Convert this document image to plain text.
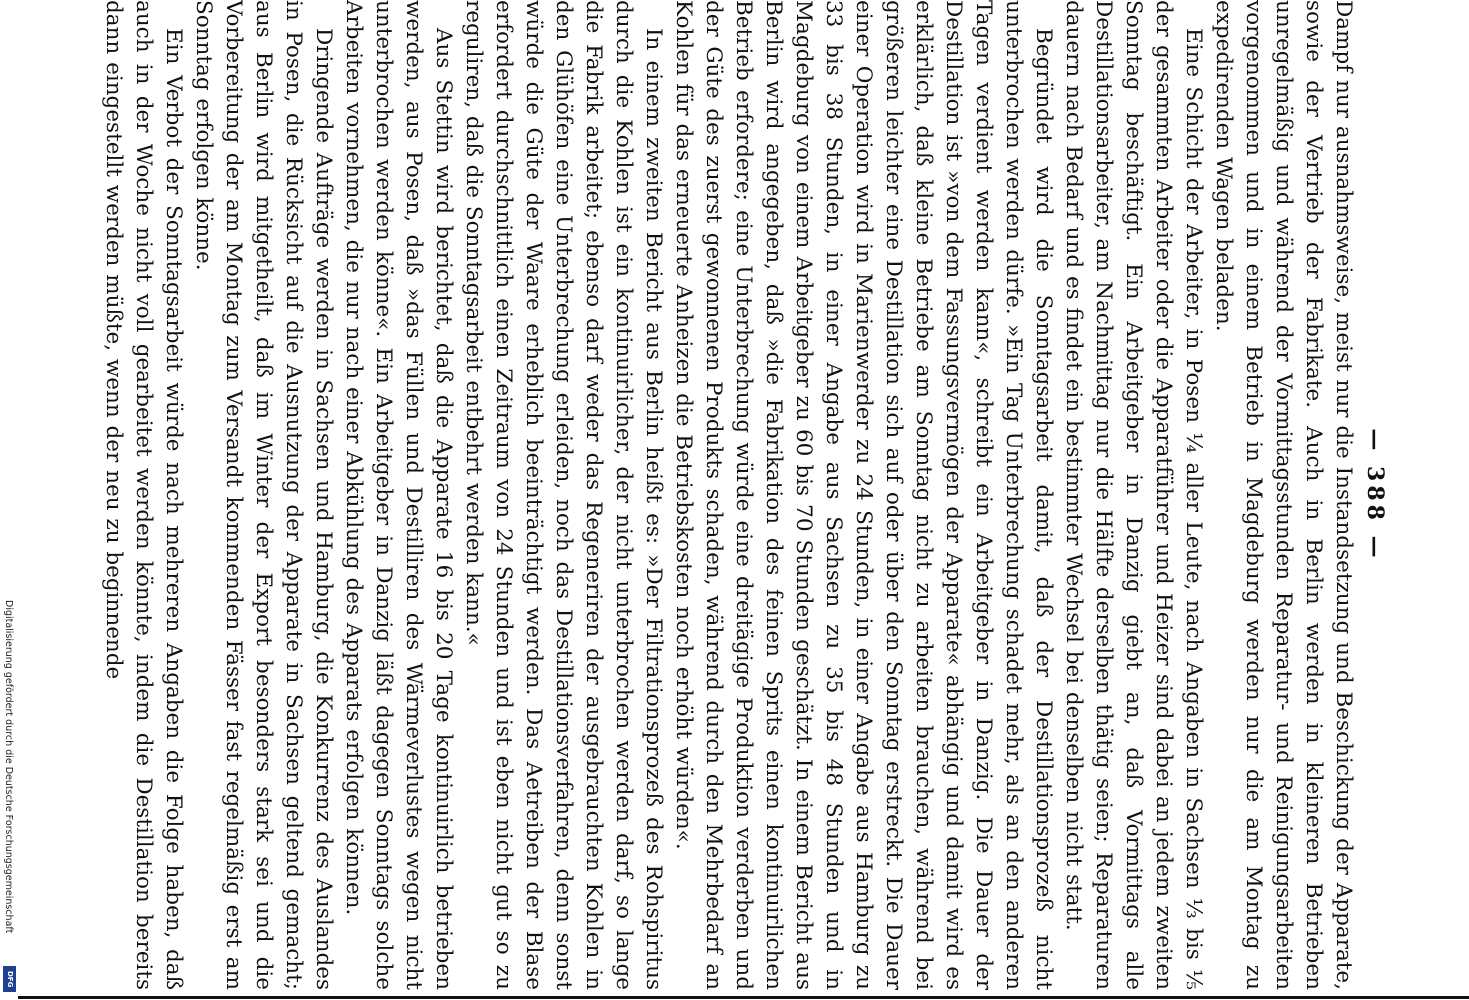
Digitalisierung gefördert durch die Deutsche Forschungsgemeinschaft
DFG
— 388 —

Dampf nur ausnahmsweise, meist nur die Instandsetzung und Beschickung der Apparate, sowie der Vertrieb der Fabrikate. Auch in Berlin werden in kleineren Betrieben unregelmäßig und während der Vormittagsstunden Reparatur- und Reinigungsarbeiten vorgenommen und in einem Betrieb in Magdeburg werden nur die am Montag zu expedirenden Wagen beladen.

Eine Schicht der Arbeiter, in Posen ¼ aller Leute, nach Angaben in Sachsen ⅓ bis ⅕ der gesammten Arbeiter oder die Apparatführer und Heizer sind dabei an jedem zweiten Sonntag beschäftigt. Ein Arbeitgeber in Danzig giebt an, daß Vormittags alle Destillationsarbeiter, am Nachmittag nur die Hälfte derselben thätig seien; Reparaturen dauern nach Bedarf und es findet ein bestimmter Wechsel bei denselben nicht statt.

Begründet wird die Sonntagsarbeit damit, daß der Destillationsprozeß nicht unterbrochen werden dürfe. »Ein Tag Unterbrechung schadet mehr, als an den anderen Tagen verdient werden kann«, schreibt ein Arbeitgeber in Danzig. Die Dauer der Destillation ist »von dem Fassungsvermögen der Apparate« abhängig und damit wird es erklärlich, daß kleine Betriebe am Sonntag nicht zu arbeiten brauchen, während bei größeren leichter eine Destillation sich auf oder über den Sonntag erstreckt. Die Dauer einer Operation wird in Marienwerder zu 24 Stunden, in einer Angabe aus Hamburg zu 33 bis 38 Stunden, in einer Angabe aus Sachsen zu 35 bis 48 Stunden und in Magdeburg von einem Arbeitgeber zu 60 bis 70 Stunden geschätzt. In einem Bericht aus Berlin wird angegeben, daß »die Fabrikation des feinen Sprits einen kontinuirlichen Betrieb erfordere; eine Unterbrechung würde eine dreitägige Produktion verderben und der Güte des zuerst gewonnenen Produkts schaden, während durch den Mehrbedarf an Kohlen für das erneuerte Anheizen die Betriebskosten noch erhöht würden«.

In einem zweiten Bericht aus Berlin heißt es: »Der Filtrationsprozeß des Rohspiritus durch die Kohlen ist ein kontinuirlicher, der nicht unterbrochen werden darf, so lange die Fabrik arbeitet; ebenso darf weder das Regeneriren der ausgebrauchten Kohlen in den Glühöfen eine Unterbrechung erleiden, noch das Destillationsverfahren, denn sonst würde die Güte der Waare erheblich beeinträchtigt werden. Das Aetreiben der Blase erfordert durchschnittlich einen Zeitraum von 24 Stunden und ist eben nicht gut so zu reguliren, daß die Sonntagsarbeit entbehrt werden kann.«

Aus Stettin wird berichtet, daß die Apparate 16 bis 20 Tage kontinuirlich betrieben werden, aus Posen, daß »das Füllen und Destilliren des Wärmeverlustes wegen nicht unterbrochen werden könne«. Ein Arbeitgeber in Danzig läßt dagegen Sonntags solche Arbeiten vornehmen, die nur nach einer Abkühlung des Apparats erfolgen können.

Dringende Aufträge werden in Sachsen und Hamburg, die Konkurrenz des Auslandes in Posen, die Rücksicht auf die Ausnutzung der Apparate in Sachsen geltend gemacht; aus Berlin wird mitgetheilt, daß im Winter der Export besonders stark sei und die Vorbereitung der am Montag zum Versandt kommenden Fässer fast regelmäßig erst am Sonntag erfolgen könne.

Ein Verbot der Sonntagsarbeit würde nach mehreren Angaben die Folge haben, daß auch in der Woche nicht voll gearbeitet werden könnte, indem die Destillation bereits dann eingestellt werden müßte, wenn der neu zu beginnende
